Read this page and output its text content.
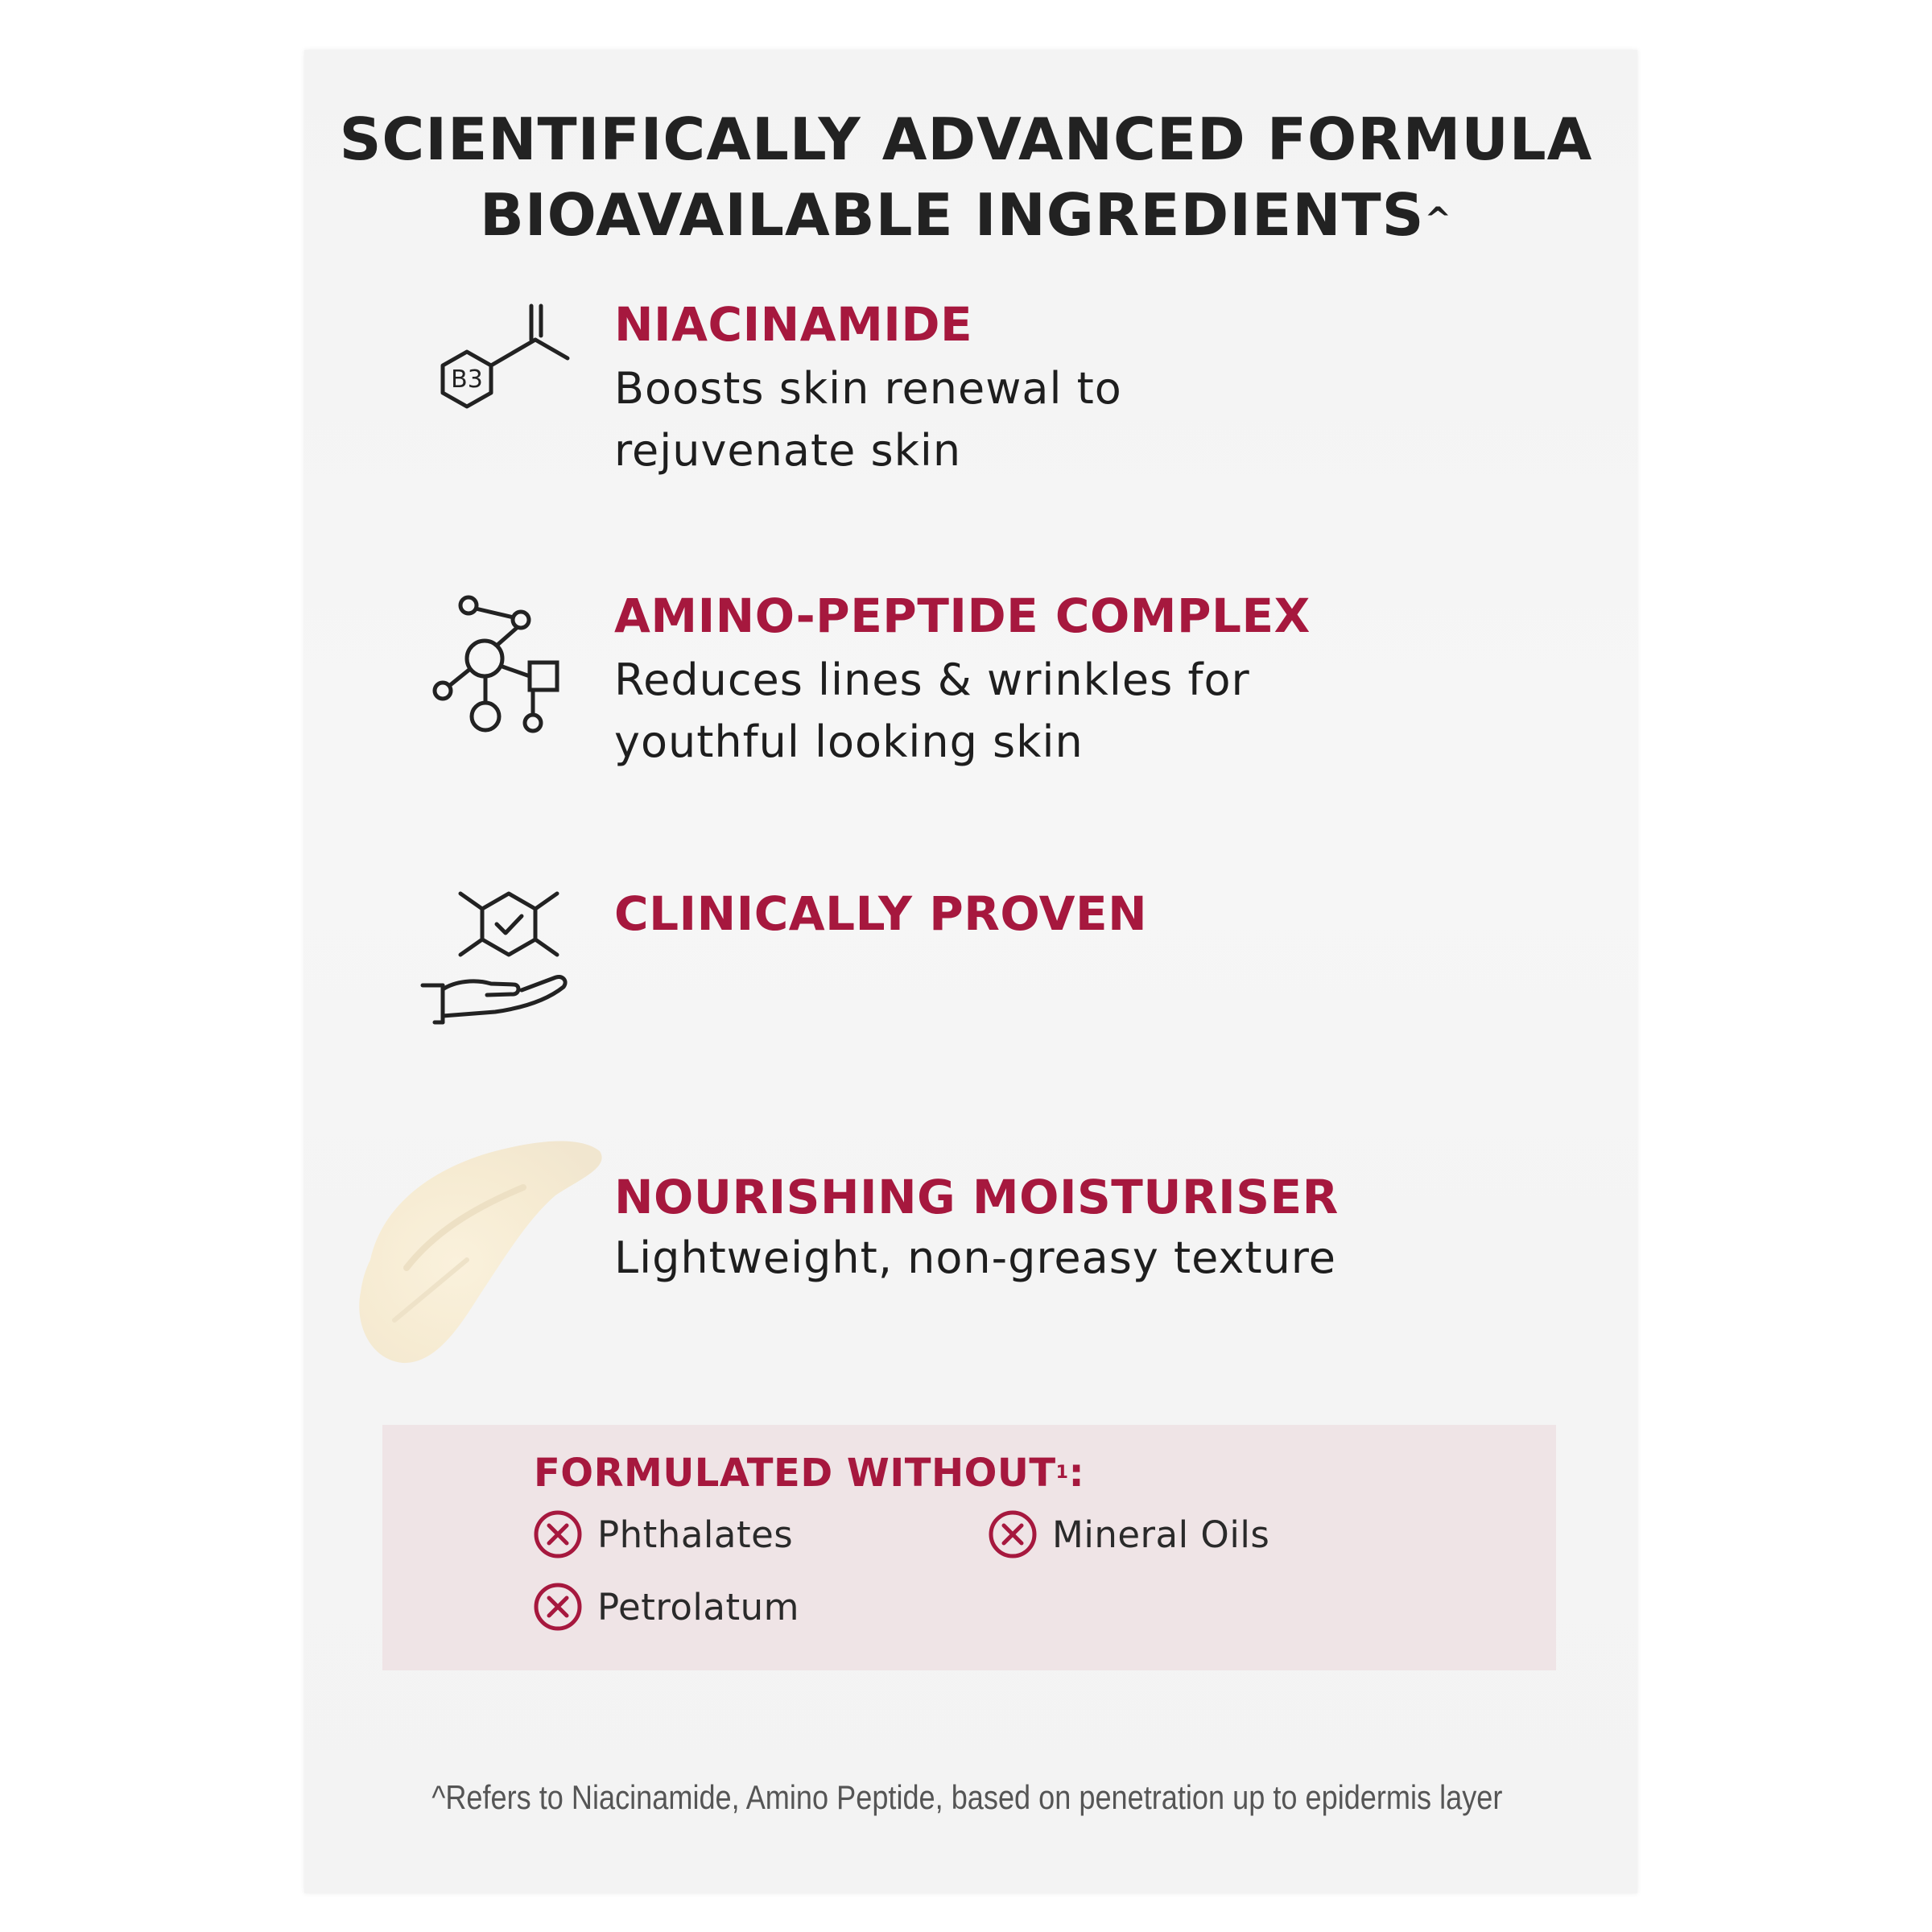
SCIENTIFICALLY ADVANCED FORMULA
BIOAVAILABLE INGREDIENTS^
B3
NIACINAMIDE
Boosts skin renewal to
rejuvenate skin
AMINO-PEPTIDE COMPLEX
Reduces lines & wrinkles for
youthful looking skin
CLINICALLY PROVEN
NOURISHING MOISTURISER
Lightweight, non-greasy texture
FORMULATED WITHOUT$^1$:
Phthalates	Mineral Oils
Petrolatum
^Refers to Niacinamide, Amino Peptide, based on penetration up to epidermis layer
